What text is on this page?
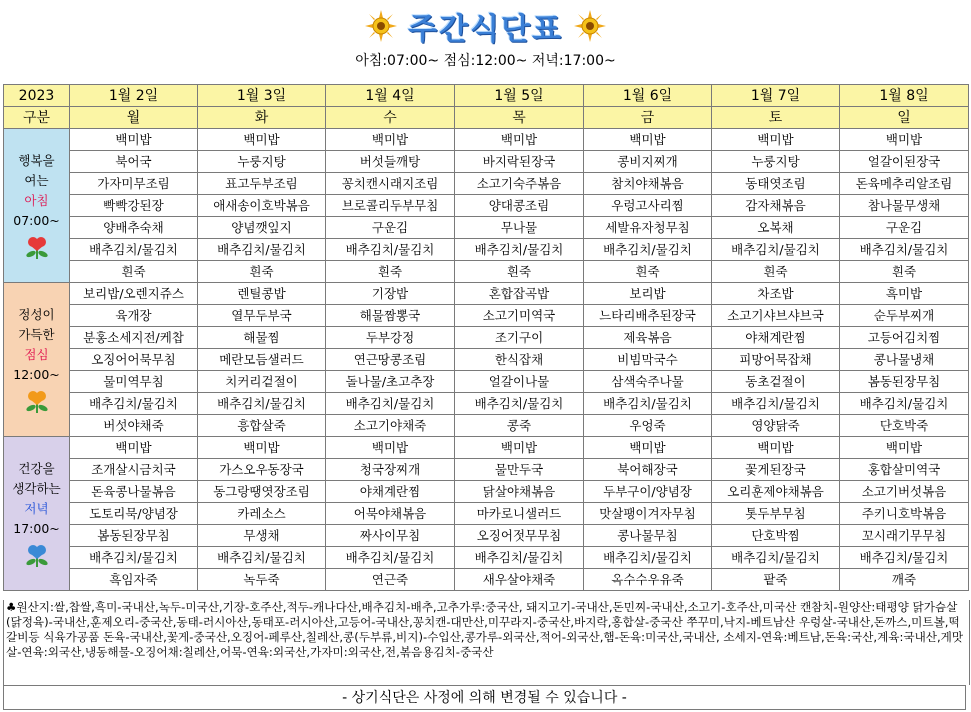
주간식단표
아침:07:00~ 점심:12:00~ 저녁:17:00~
2023	1월 2일	1월 3일	1월 4일	1월 5일	1월 6일	1월 7일	1월 8일
구분	월	화	수	목	금	토	일

행복을
여는
아침
07:00~	백미밥	백미밥	백미밥	백미밥	백미밥	백미밥	백미밥
	북어국	누룽지탕	버섯들깨탕	바지락된장국	콩비지찌개	누룽지탕	얼갈이된장국
	가자미무조림	표고두부조림	꽁치캔시래지조림	소고기숙주볶음	참치야채볶음	동태엿조림	돈육메추리알조림
	빡빡강된장	애새송이호박볶음	브로콜리두부무침	양대콩조림	우렁고사리찜	감자채볶음	참나물무생채
	양배추숙채	양념깻잎지	구운김	무나물	세발유자청무침	오복채	구운김
	배추김치/물김치	배추김치/물김치	배추김치/물김치	배추김치/물김치	배추김치/물김치	배추김치/물김치	배추김치/물김치
	흰죽	흰죽	흰죽	흰죽	흰죽	흰죽	흰죽

정성이
가득한
점심
12:00~	보리밥/오렌지쥬스	렌틸콩밥	기장밥	혼합잡곡밥	보리밥	차조밥	흑미밥
	육개장	열무두부국	해물짬뽕국	소고기미역국	느타리배추된장국	소고기샤브샤브국	순두부찌개
	분홍소세지전/케찹	해물찜	두부강정	조기구이	제육볶음	야채계란찜	고등어김치찜
	오징어어묵무침	메란모듬샐러드	연근땅콩조림	한식잡채	비빔막국수	피망어묵잡채	콩나물냉채
	물미역무침	치커리겉절이	돌나물/초고추장	얼갈이나물	삼색숙주나물	동초겉절이	봄동된장무침
	배추김치/물김치	배추김치/물김치	배추김치/물김치	배추김치/물김치	배추김치/물김치	배추김치/물김치	배추김치/물김치
	버섯야채죽	흥합살죽	소고기야채죽	콩죽	우엉죽	영양닭죽	단호박죽

건강을
생각하는
저녁
17:00~	백미밥	백미밥	백미밥	백미밥	백미밥	백미밥	백미밥
	조개살시금치국	가스오우동장국	청국장찌개	물만두국	북어해장국	꽃게된장국	홍합살미역국
	돈육콩나물볶음	동그랑땡엿장조림	야채계란찜	닭살야채볶음	두부구이/양념장	오리훈제야채볶음	소고기버섯볶음
	도토리묵/양념장	카레소스	어묵야채볶음	마카로니샐러드	맛살팽이겨자무침	톳두부무침	주키니호박볶음
	봄동된장무침	무생채	짜사이무침	오징어젓무무침	콩나물무침	단호박찜	꼬시래기무무침
	배추김치/물김치	배추김치/물김치	배추김치/물김치	배추김치/물김치	배추김치/물김치	배추김치/물김치	배추김치/물김치
	흑임자죽	녹두죽	연근죽	새우살야채죽	옥수수우유죽	팥죽	깨죽
♣원산지:쌀,찹쌀,흑미-국내산,녹두-미국산,기장-호주산,적두-캐나다산,배추김치-배추,고추가루:중국산, 돼지고기-국내산,돈민찌-국내산,소고기-호주산,미국산 캔참치-원양산:태평양 닭가슴살(닭정육)-국내산,훈제오리-중국산,동태-러시아산,동태포-러시아산,고등어-국내산,꽁치캔-대만산,미꾸라지-중국산,바지락,홍합살-중국산 쭈꾸미,낙지-베트남산 우렁살-국내산,돈까스,미트볼,떡갈비등 식육가공품 돈육-국내산,꽃게-중국산,오징어-페루산,칠레산,콩(두부류,비지)-수입산,콩가루-외국산,적어-외국산,햄-돈육:미국산,국내산, 소세지-연육:베트남,돈육:국산,계육:국내산,게맛살-연육:외국산,냉동해물-오징어채:칠레산,어묵-연육:외국산,가자미:외국산,전,볶음용김치-중국산
- 상기식단은 사정에 의해 변경될 수 있습니다 -
